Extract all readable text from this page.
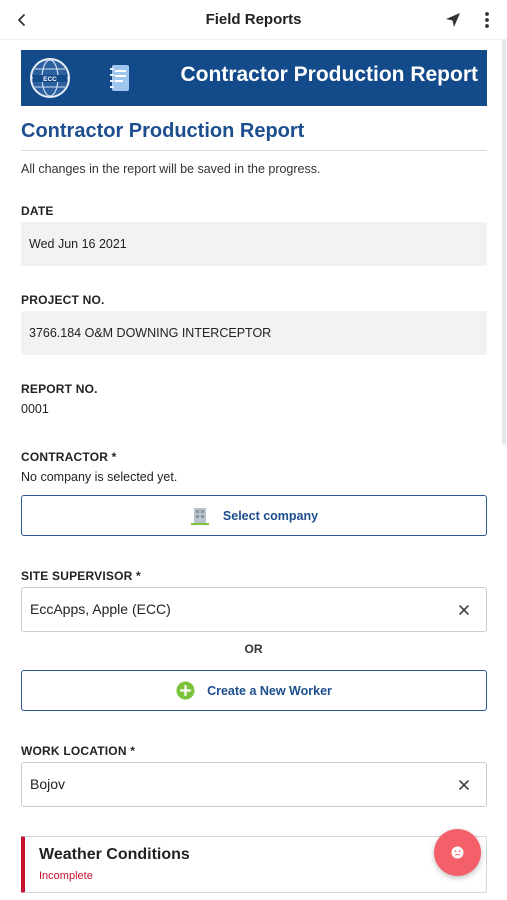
Field Reports
ECC	Contractor Production Report
Contractor Production Report
All changes in the report will be saved in the progress.
DATE
Wed Jun 16 2021
PROJECT NO.
3766.184 O&M DOWNING INTERCEPTOR
REPORT NO.
0001
CONTRACTOR *
No company is selected yet.
Select company
SITE SUPERVISOR *
EccApps, Apple (ECC)
OR
Create a New Worker
WORK LOCATION *
Bojov
Weather Conditions
Incomplete
